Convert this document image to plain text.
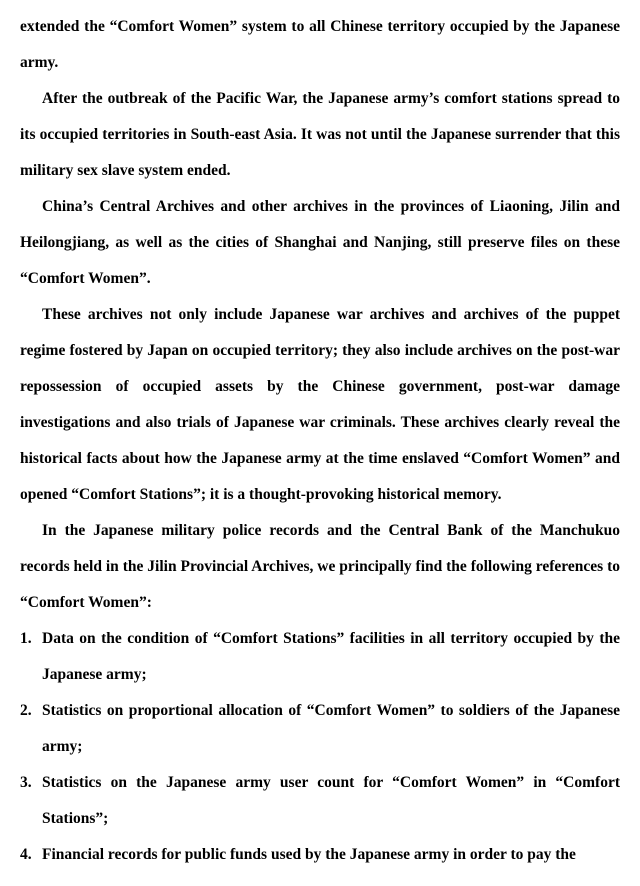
extended the “Comfort Women” system to all Chinese territory occupied by the Japanese army.

After the outbreak of the Pacific War, the Japanese army’s comfort stations spread to its occupied territories in South-east Asia. It was not until the Japanese surrender that this military sex slave system ended.

China’s Central Archives and other archives in the provinces of Liaoning, Jilin and Heilongjiang, as well as the cities of Shanghai and Nanjing, still preserve files on these “Comfort Women”.

These archives not only include Japanese war archives and archives of the puppet regime fostered by Japan on occupied territory; they also include archives on the post-war repossession of occupied assets by the Chinese government, post-war damage investigations and also trials of Japanese war criminals. These archives clearly reveal the historical facts about how the Japanese army at the time enslaved “Comfort Women” and opened “Comfort Stations”; it is a thought-provoking historical memory.

In the Japanese military police records and the Central Bank of the Manchukuo records held in the Jilin Provincial Archives, we principally find the following references to “Comfort Women”:

1. Data on the condition of “Comfort Stations” facilities in all territory occupied by the Japanese army;

2. Statistics on proportional allocation of “Comfort Women” to soldiers of the Japanese army;

3. Statistics on the Japanese army user count for “Comfort Women” in “Comfort Stations”;

4. Financial records for public funds used by the Japanese army in order to pay the
